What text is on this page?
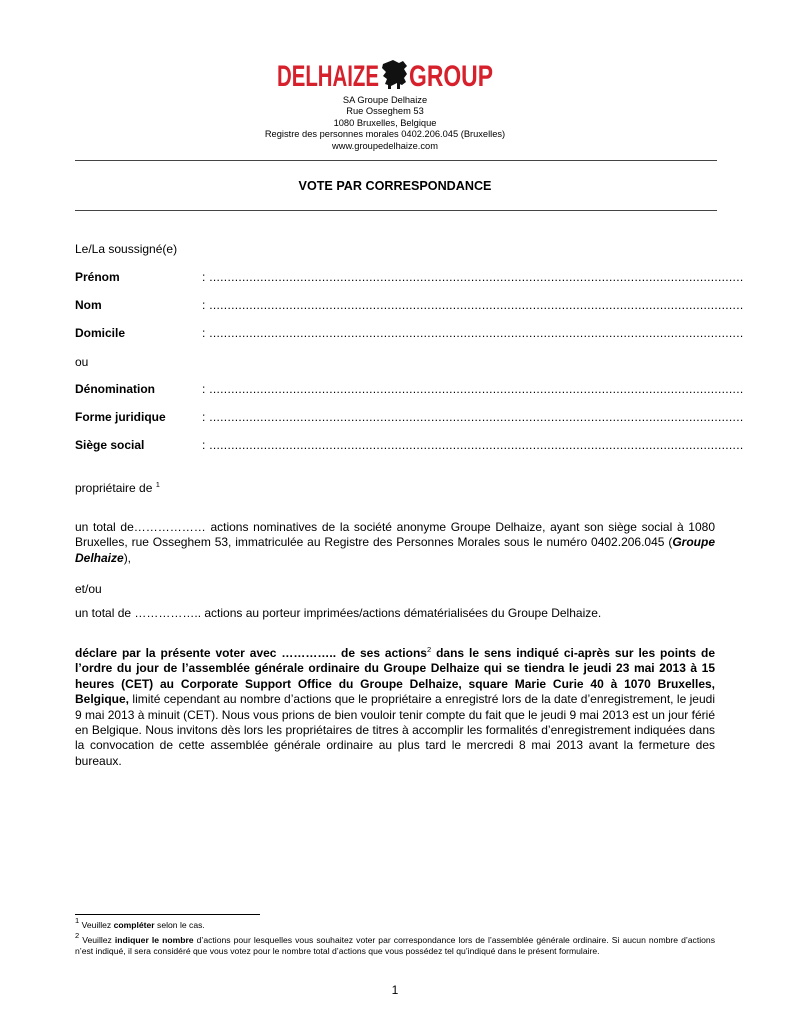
DELHAIZE GROUP
SA Groupe Delhaize
Rue Osseghem 53
1080 Bruxelles, Belgique
Registre des personnes morales 0402.206.045 (Bruxelles)
www.groupedelhaize.com
VOTE PAR CORRESPONDANCE
Le/La soussigné(e)
Prénom	: ...................................................................................................................................................
Nom	: ...................................................................................................................................................
Domicile	: ...................................................................................................................................................
ou
Dénomination	: ...................................................................................................................................................
Forme juridique	: ...................................................................................................................................................
Siège social	: ...................................................................................................................................................
propriétaire de $^1$
un total de……………… actions nominatives de la société anonyme Groupe Delhaize, ayant son siège social à 1080 Bruxelles, rue Osseghem 53, immatriculée au Registre des Personnes Morales sous le numéro 0402.206.045 (Groupe Delhaize),
et/ou
un total de …………….. actions au porteur imprimées/actions dématérialisées du Groupe Delhaize.
déclare par la présente voter avec ………….. de ses actions$^2$ dans le sens indiqué ci-après sur les points de l’ordre du jour de l’assemblée générale ordinaire du Groupe Delhaize qui se tiendra le jeudi 23 mai 2013 à 15 heures (CET) au Corporate Support Office du Groupe Delhaize, square Marie Curie 40 à 1070 Bruxelles, Belgique, limité cependant au nombre d’actions que le propriétaire a enregistré lors de la date d’enregistrement, le jeudi 9 mai 2013 à minuit (CET). Nous vous prions de bien vouloir tenir compte du fait que le jeudi 9 mai 2013 est un jour férié en Belgique. Nous invitons dès lors les propriétaires de titres à accomplir les formalités d’enregistrement indiquées dans la convocation de cette assemblée générale ordinaire au plus tard le mercredi 8 mai 2013 avant la fermeture des bureaux.
$^1$ Veuillez compléter selon le cas.
$^2$ Veuillez indiquer le nombre d’actions pour lesquelles vous souhaitez voter par correspondance lors de l’assemblée générale ordinaire. Si aucun nombre d’actions n’est indiqué, il sera considéré que vous votez pour le nombre total d’actions que vous possédez tel qu’indiqué dans le présent formulaire.
1
